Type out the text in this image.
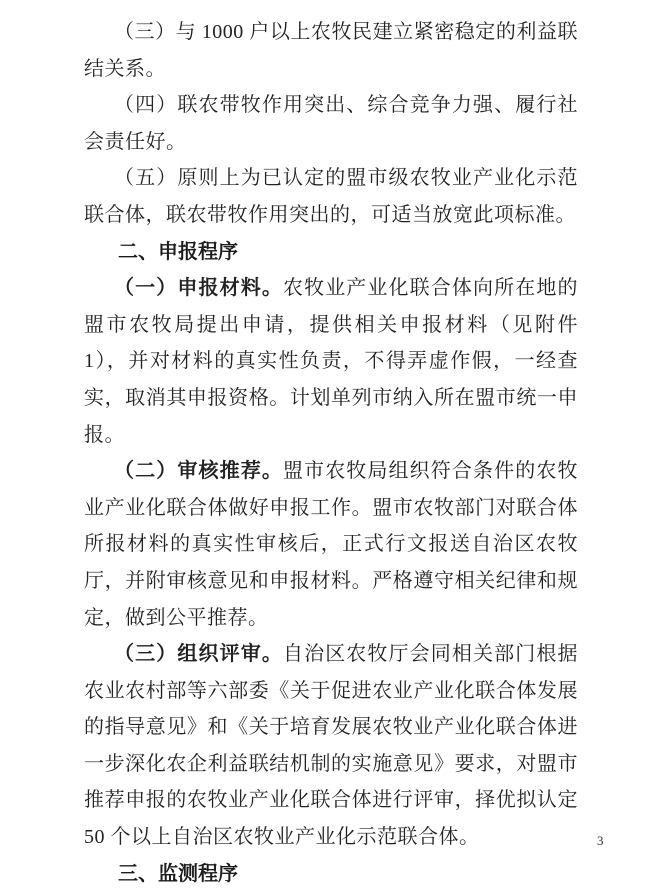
（三）与 1000 户以上农牧民建立紧密稳定的利益联结关系。

（四）联农带牧作用突出、综合竞争力强、履行社会责任好。

（五）原则上为已认定的盟市级农牧业产业化示范联合体，联农带牧作用突出的，可适当放宽此项标准。

二、申报程序

（一）申报材料。农牧业产业化联合体向所在地的盟市农牧局提出申请，提供相关申报材料（见附件 1），并对材料的真实性负责，不得弄虚作假，一经查实，取消其申报资格。计划单列市纳入所在盟市统一申报。

（二）审核推荐。盟市农牧局组织符合条件的农牧业产业化联合体做好申报工作。盟市农牧部门对联合体所报材料的真实性审核后，正式行文报送自治区农牧厅，并附审核意见和申报材料。严格遵守相关纪律和规定，做到公平推荐。

（三）组织评审。自治区农牧厅会同相关部门根据农业农村部等六部委《关于促进农业产业化联合体发展的指导意见》和《关于培育发展农牧业产业化联合体进一步深化农企利益联结机制的实施意见》要求，对盟市推荐申报的农牧业产业化联合体进行评审，择优拟认定 50 个以上自治区农牧业产业化示范联合体。

三、监测程序
3
